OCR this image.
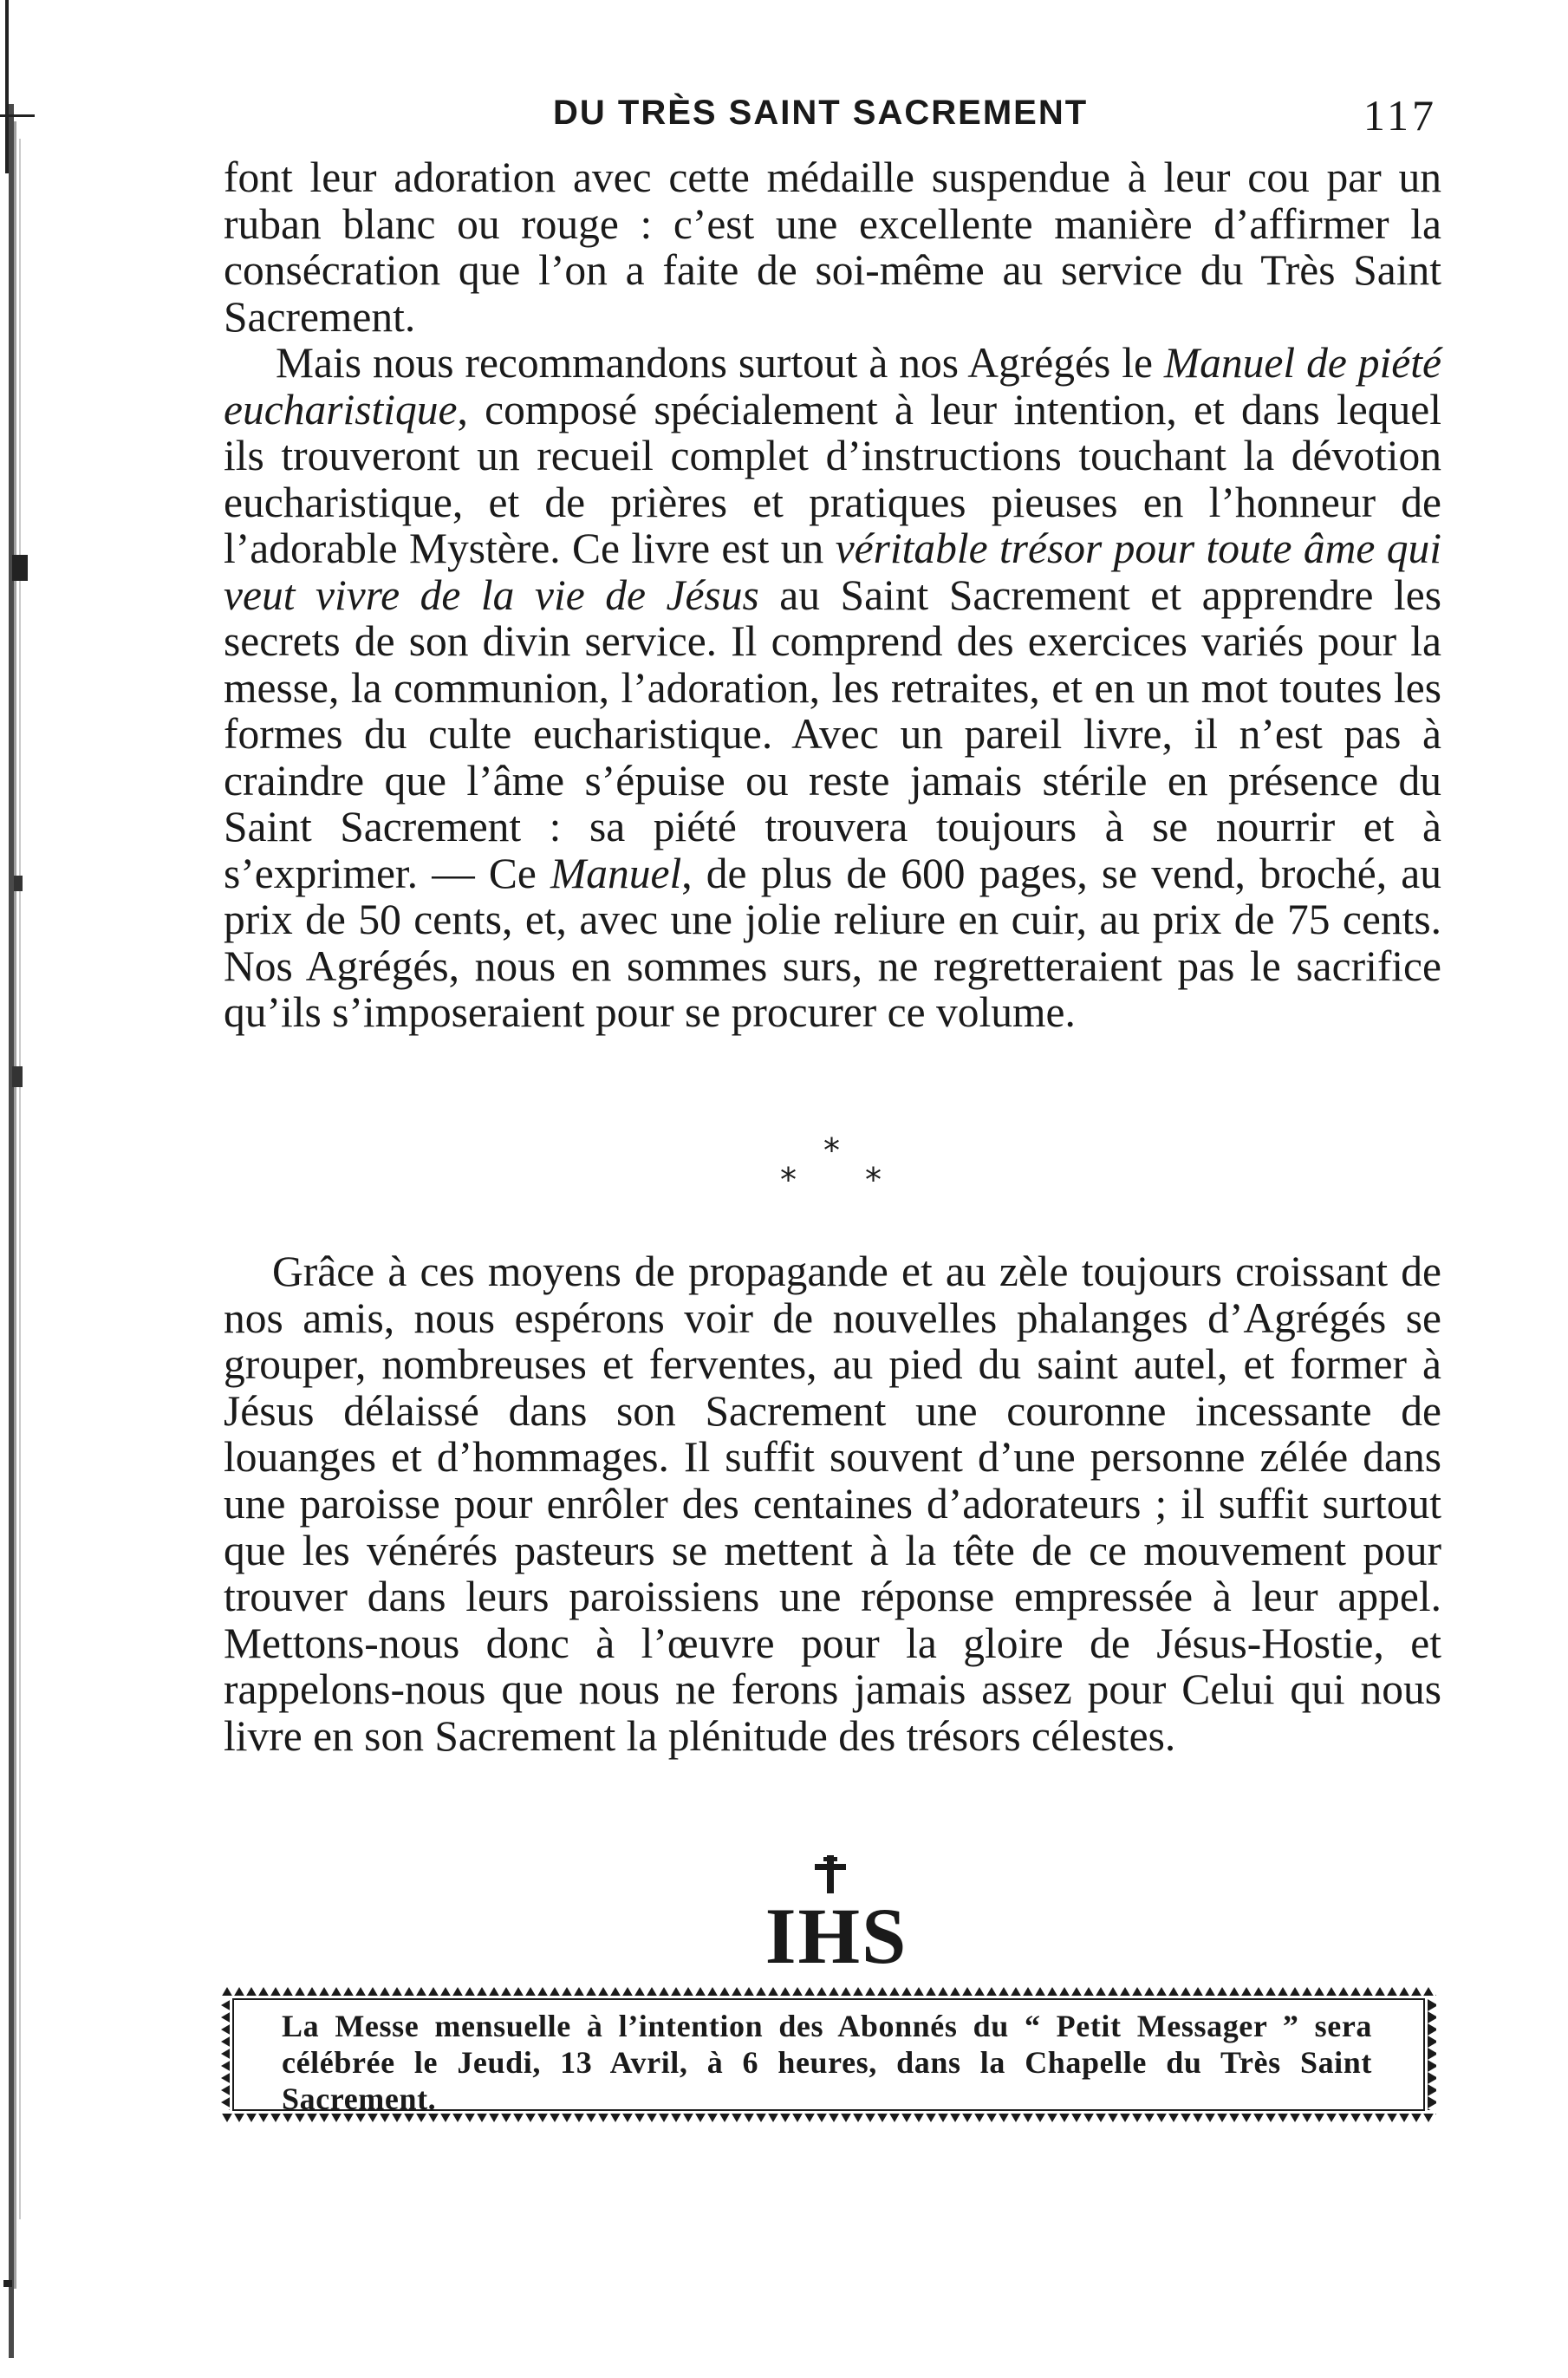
DU TRÈS SAINT SACREMENT	117

font leur adoration avec cette médaille suspendue à leur cou par un ruban blanc ou rouge : c’est une excellente manière d’affirmer la consécration que l’on a faite de soi-même au service du Très Saint Sacrement.

Mais nous recommandons surtout à nos Agrégés le Manuel de piété eucharistique, composé spécialement à leur intention, et dans lequel ils trouveront un recueil complet d’instructions touchant la dévotion eucharistique, et de prières et pratiques pieuses en l’honneur de l’adorable Mystère. Ce livre est un véritable trésor pour toute âme qui veut vivre de la vie de Jésus au Saint Sacrement et apprendre les secrets de son divin service. Il comprend des exercices variés pour la messe, la communion, l’adoration, les retraites, et en un mot toutes les formes du culte eucharistique. Avec un pareil livre, il n’est pas à craindre que l’âme s’épuise ou reste jamais stérile en présence du Saint Sacrement : sa piété trouvera toujours à se nourrir et à s’exprimer. — Ce Manuel, de plus de 600 pages, se vend, broché, au prix de 50 cents, et, avec une jolie reliure en cuir, au prix de 75 cents. Nos Agrégés, nous en sommes surs, ne regretteraient pas le sacrifice qu’ils s’imposeraient pour se procurer ce volume.

*
* *

Grâce à ces moyens de propagande et au zèle toujours croissant de nos amis, nous espérons voir de nouvelles phalanges d’Agrégés se grouper, nombreuses et ferventes, au pied du saint autel, et former à Jésus délaissé dans son Sacrement une couronne incessante de louanges et d’hommages. Il suffit souvent d’une personne zélée dans une paroisse pour enrôler des centaines d’adorateurs ; il suffit surtout que les vénérés pasteurs se mettent à la tête de ce mouvement pour trouver dans leurs paroissiens une réponse empressée à leur appel. Mettons-nous donc à l’œuvre pour la gloire de Jésus-Hostie, et rappelons-nous que nous ne ferons jamais assez pour Celui qui nous livre en son Sacrement la plénitude des trésors célestes.

IHS
La Messe mensuelle à l’intention des Abonnés du “ Petit Messager ” sera célébrée le Jeudi, 13 Avril, à 6 heures, dans la Chapelle du Très Saint Sacrement.
